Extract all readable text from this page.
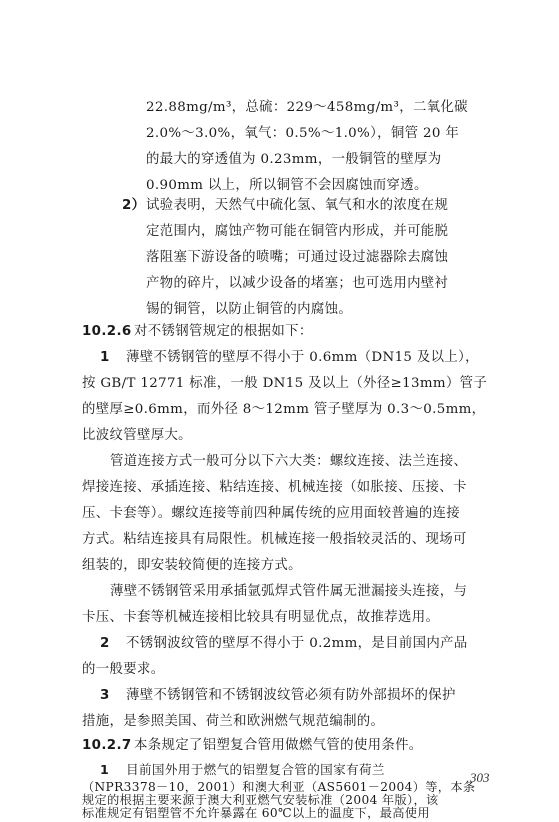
22.88mg/m³，总硫：229～458mg/m³，二氧化碳
2.0%～3.0%，氧气：0.5%～1.0%），铜管 20 年
的最大的穿透值为 0.23mm，一般铜管的壁厚为
0.90mm 以上，所以铜管不会因腐蚀而穿透。
2） 试验表明，天然气中硫化氢、氧气和水的浓度在规
定范围内，腐蚀产物可能在铜管内形成，并可能脱
落阻塞下游设备的喷嘴；可通过设过滤器除去腐蚀
产物的碎片，以减少设备的堵塞；也可选用内壁衬
锡的铜管，以防止铜管的内腐蚀。
10.2.6 对不锈钢管规定的根据如下：
1 薄壁不锈钢管的壁厚不得小于 0.6mm（DN15 及以上），
按 GB/T 12771 标准，一般 DN15 及以上（外径≥13mm）管子
的壁厚≥0.6mm，而外径 8～12mm 管子壁厚为 0.3～0.5mm，
比波纹管壁厚大。
管道连接方式一般可分以下六大类：螺纹连接、法兰连接、
焊接连接、承插连接、粘结连接、机械连接（如胀接、压接、卡
压、卡套等）。螺纹连接等前四种属传统的应用面较普遍的连接
方式。粘结连接具有局限性。机械连接一般指较灵活的、现场可
组装的，即安装较简便的连接方式。
薄壁不锈钢管采用承插氩弧焊式管件属无泄漏接头连接，与
卡压、卡套等机械连接相比较具有明显优点，故推荐选用。
2 不锈钢波纹管的壁厚不得小于 0.2mm，是目前国内产品
的一般要求。
3 薄壁不锈钢管和不锈钢波纹管必须有防外部损坏的保护
措施，是参照美国、荷兰和欧洲燃气规范编制的。
10.2.7 本条规定了铝塑复合管用做燃气管的使用条件。
1 目前国外用于燃气的铝塑复合管的国家有荷兰
（NPR3378－10，2001）和澳大利亚（AS5601－2004）等，本条
规定的根据主要来源于澳大利亚燃气安装标准（2004 年版），该
标准规定有铝塑管不允许暴露在 60℃以上的温度下，最高使用
303
